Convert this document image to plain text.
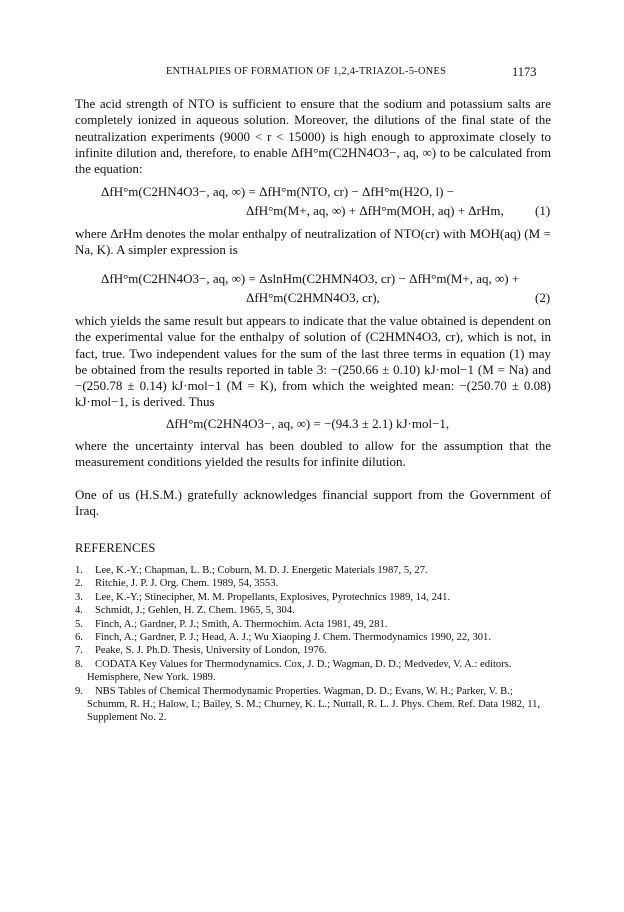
ENTHALPIES OF FORMATION OF 1,2,4-TRIAZOL-5-ONES	1173

The acid strength of NTO is sufficient to ensure that the sodium and potassium salts are completely ionized in aqueous solution. Moreover, the dilutions of the final state of the neutralization experiments (9000 < r < 15000) is high enough to approximate closely to infinite dilution and, therefore, to enable ΔfH°m(C2HN4O3−, aq, ∞) to be calculated from the equation:

ΔfH°m(C2HN4O3−, aq, ∞) = ΔfH°m(NTO, cr) − ΔfH°m(H2O, l) −
ΔfH°m(M+, aq, ∞) + ΔfH°m(MOH, aq) + ΔrHm, (1)

where ΔrHm denotes the molar enthalpy of neutralization of NTO(cr) with MOH(aq) (M = Na, K). A simpler expression is

ΔfH°m(C2HN4O3−, aq, ∞) = ΔslnHm(C2HMN4O3, cr) − ΔfH°m(M+, aq, ∞) +
ΔfH°m(C2HMN4O3, cr),	(2)

which yields the same result but appears to indicate that the value obtained is dependent on the experimental value for the enthalpy of solution of (C2HMN4O3, cr), which is not, in fact, true. Two independent values for the sum of the last three terms in equation (1) may be obtained from the results reported in table 3: −(250.66 ± 0.10) kJ·mol−1 (M = Na) and −(250.78 ± 0.14) kJ·mol−1 (M = K), from which the weighted mean: −(250.70 ± 0.08) kJ·mol−1, is derived. Thus

ΔfH°m(C2HN4O3−, aq, ∞) = −(94.3 ± 2.1) kJ·mol−1,

where the uncertainty interval has been doubled to allow for the assumption that the measurement conditions yielded the results for infinite dilution.

One of us (H.S.M.) gratefully acknowledges financial support from the Government of Iraq.

REFERENCES
1. Lee, K.-Y.; Chapman, L. B.; Coburn, M. D. J. Energetic Materials 1987, 5, 27.
2. Ritchie, J. P. J. Org. Chem. 1989, 54, 3553.
3. Lee, K.-Y.; Stinecipher, M. M. Propellants, Explosives, Pyrotechnics 1989, 14, 241.
4. Schmidt, J.; Gehlen, H. Z. Chem. 1965, 5, 304.
5. Finch, A.; Gardner, P. J.; Smith, A. Thermochim. Acta 1981, 49, 281.
6. Finch, A.; Gardner, P. J.; Head, A. J.; Wu Xiaoping J. Chem. Thermodynamics 1990, 22, 301.
7. Peake, S. J. Ph.D. Thesis, University of London, 1976.
8. CODATA Key Values for Thermodynamics. Cox, J. D.; Wagman, D. D.; Medvedev, V. A.: editors. Hemisphere, New York. 1989.
9. NBS Tables of Chemical Thermodynamic Properties. Wagman, D. D.; Evans, W. H.; Parker, V. B.; Schumm, R. H.; Halow, I.; Bailey, S. M.; Churney, K. L.; Nuttall, R. L. J. Phys. Chem. Ref. Data 1982, 11, Supplement No. 2.
